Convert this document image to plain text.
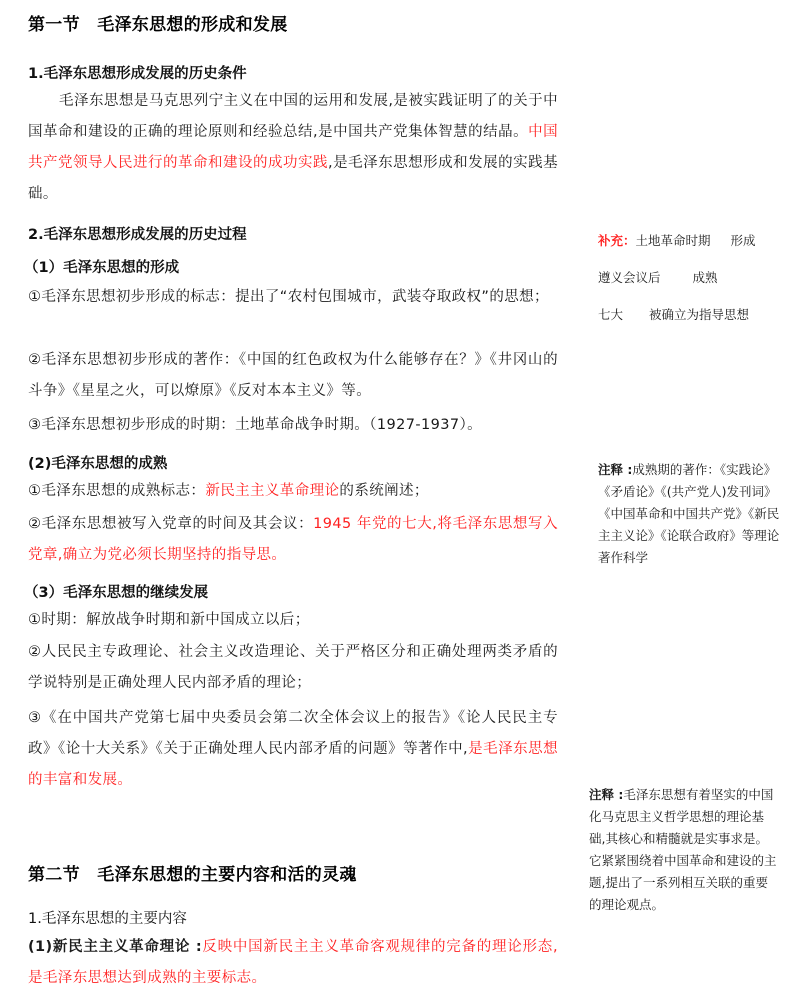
第一节　毛泽东思想的形成和发展
1.毛泽东思想形成发展的历史条件
毛泽东思想是马克思列宁主义在中国的运用和发展,是被实践证明了的关于中国革命和建设的正确的理论原则和经验总结,是中国共产党集体智慧的结晶。中国共产党领导人民进行的革命和建设的成功实践,是毛泽东思想形成和发展的实践基础。
2.毛泽东思想形成发展的历史过程
（1）毛泽东思想的形成
①毛泽东思想初步形成的标志：提出了“农村包围城市，武装夺取政权”的思想；
②毛泽东思想初步形成的著作：《中国的红色政权为什么能够存在？》《井冈山的斗争》《星星之火，可以燎原》《反对本本主义》等。
③毛泽东思想初步形成的时期：土地革命战争时期。（1927-1937）。
(2)毛泽东思想的成熟
①毛泽东思想的成熟标志：新民主主义革命理论的系统阐述；
②毛泽东思想被写入党章的时间及其会议：1945 年党的七大,将毛泽东思想写入党章,确立为党必须长期坚持的指导思。
（3）毛泽东思想的继续发展
①时期：解放战争时期和新中国成立以后；
②人民民主专政理论、社会主义改造理论、关于严格区分和正确处理两类矛盾的学说特别是正确处理人民内部矛盾的理论；
③《在中国共产党第七届中央委员会第二次全体会议上的报告》《论人民民主专政》《论十大关系》《关于正确处理人民内部矛盾的问题》等著作中,是毛泽东思想的丰富和发展。
第二节　毛泽东思想的主要内容和活的灵魂
1.毛泽东思想的主要内容
(1)新民主主义革命理论 :反映中国新民主主义革命客观规律的完备的理论形态,是毛泽东思想达到成熟的主要标志。
补充：土地革命时期 形成
遵义会议后	成熟
七大 被确立为指导思想
注释 :成熟期的著作：《实践论》《矛盾论》《(共产党人)发刊词》《中国革命和中国共产党》《新民主主义论》《论联合政府》等理论著作科学
注释 :毛泽东思想有着坚实的中国化马克思主义哲学思想的理论基础,其核心和精髓就是实事求是。它紧紧围绕着中国革命和建设的主题,提出了一系列相互关联的重要的理论观点。
